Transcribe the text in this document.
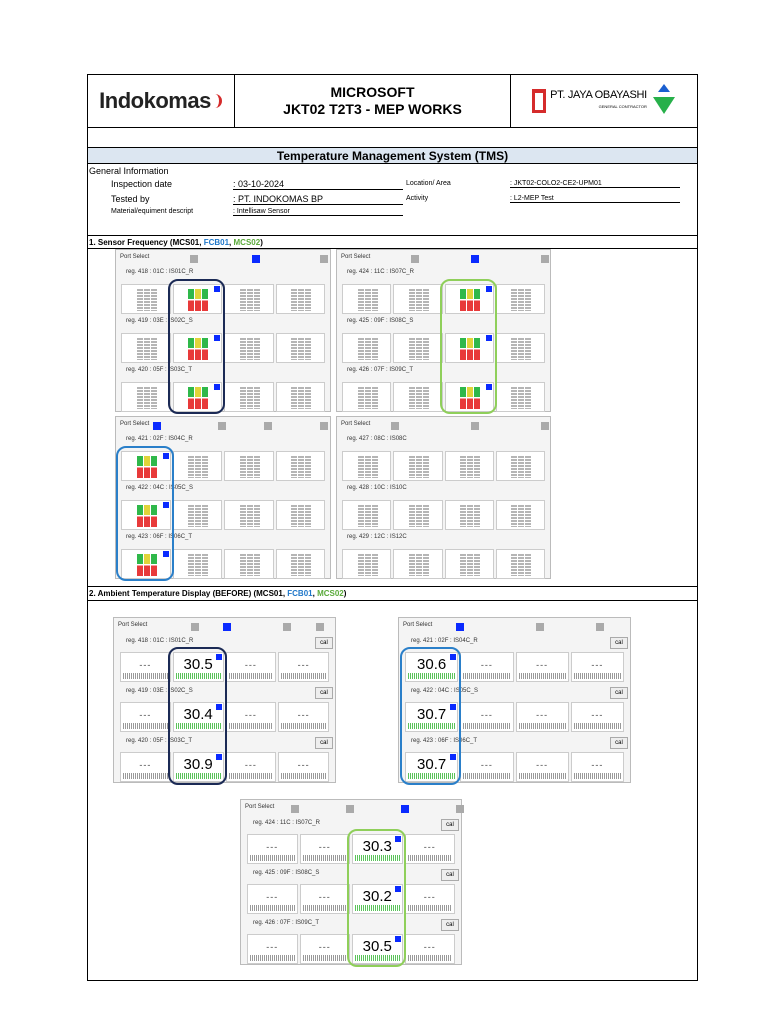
Indokomas	MICROSOFT
JKT02 T2T3 - MEP WORKS
PT. JAYA OBAYASHI
GENERAL CONTRACTOR
Temperature Management System (TMS)
General Information
Inspection date	: 03-10-2024
Tested by	: PT. INDOKOMAS BP
Material/equiment descript	: Intellisaw Sensor
Location/ Area	: JKT02-COLO2-CE2-UPM01
Activity	: L2-MEP Test
1. Sensor Frequency (MCS01, FCB01, MCS02)
Port Select
reg. 418 : 01C : IS01C_R
reg. 419 : 03E : IS02C_S
reg. 420 : 05F : IS03C_T
Port Select
reg. 424 : 11C : IS07C_R
reg. 425 : 09F : IS08C_S
reg. 426 : 07F : IS09C_T
Port Select
reg. 421 : 02F : IS04C_R
reg. 422 : 04C : IS05C_S
reg. 423 : 06F : IS06C_T
Port Select
reg. 427 : 08C : IS08C
reg. 428 : 10C : IS10C
reg. 429 : 12C : IS12C
2. Ambient Temperature Display (BEFORE) (MCS01, FCB01, MCS02)
Port Select
reg. 418 : 01C : IS01C_R	cal
---	30.5	---	---
reg. 419 : 03E : IS02C_S	cal
---	30.4	---	---
reg. 420 : 05F : IS03C_T	cal
---	30.9	---	---
Port Select
reg. 421 : 02F : IS04C_R	cal
30.6	---	---	---
reg. 422 : 04C : IS05C_S	cal
30.7	---	---	---
reg. 423 : 06F : IS06C_T	cal
30.7	---	---	---
Port Select
reg. 424 : 11C : IS07C_R	cal
---	---	30.3	---
reg. 425 : 09F : IS08C_S	cal
---	---	30.2	---
reg. 426 : 07F : IS09C_T	cal
---	---	30.5	---
